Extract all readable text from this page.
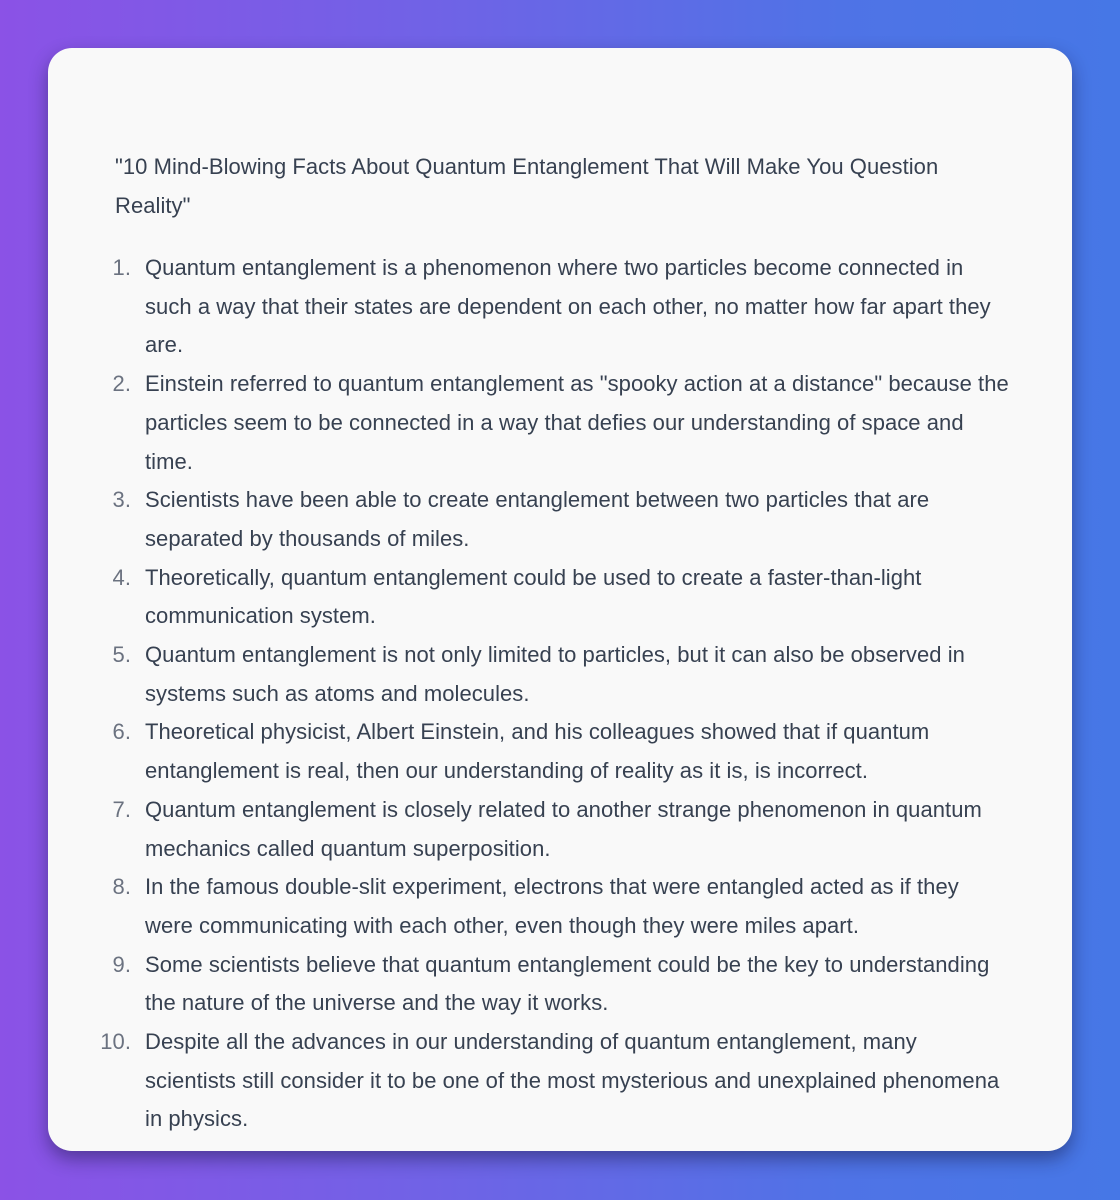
"10 Mind-Blowing Facts About Quantum Entanglement That Will Make You Question Reality"

1. Quantum entanglement is a phenomenon where two particles become connected in such a way that their states are dependent on each other, no matter how far apart they are.
2. Einstein referred to quantum entanglement as "spooky action at a distance" because the particles seem to be connected in a way that defies our understanding of space and time.
3. Scientists have been able to create entanglement between two particles that are separated by thousands of miles.
4. Theoretically, quantum entanglement could be used to create a faster-than-light communication system.
5. Quantum entanglement is not only limited to particles, but it can also be observed in systems such as atoms and molecules.
6. Theoretical physicist, Albert Einstein, and his colleagues showed that if quantum entanglement is real, then our understanding of reality as it is, is incorrect.
7. Quantum entanglement is closely related to another strange phenomenon in quantum mechanics called quantum superposition.
8. In the famous double-slit experiment, electrons that were entangled acted as if they were communicating with each other, even though they were miles apart.
9. Some scientists believe that quantum entanglement could be the key to understanding the nature of the universe and the way it works.
10. Despite all the advances in our understanding of quantum entanglement, many scientists still consider it to be one of the most mysterious and unexplained phenomena in physics.
